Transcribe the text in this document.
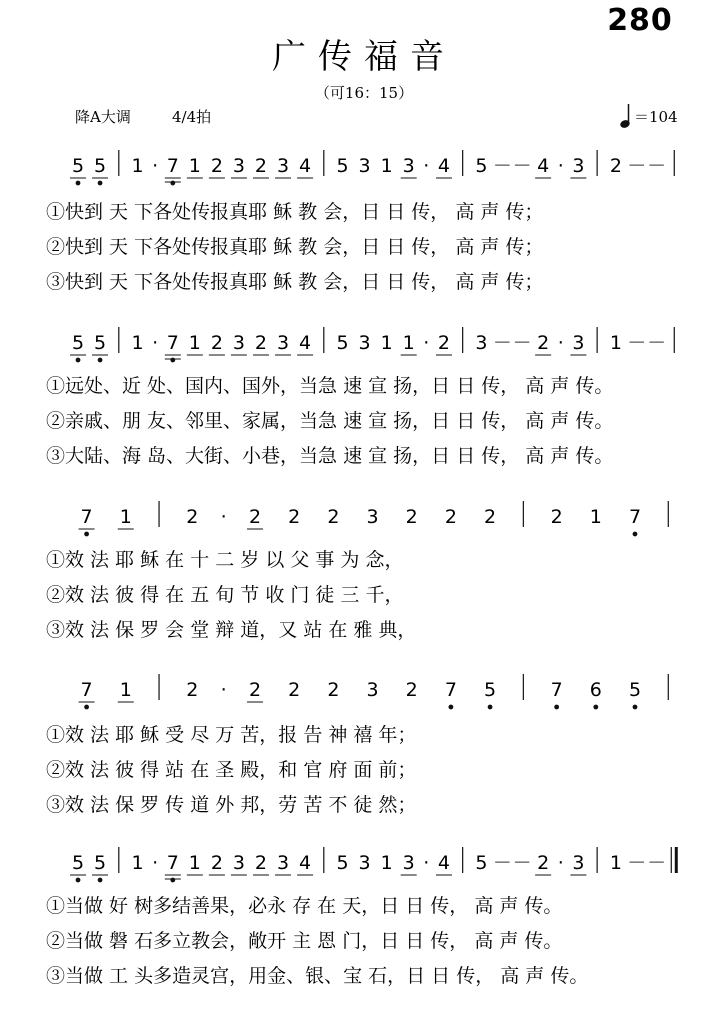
280
广传福音
（可16：15）
降A大调	4/4拍	＝104
5 5 1 · 7 1 2 3 2 3 4 5 3 1 3 · 4 5 － － 4 · 3 2 － －
①快到 天 下各处传报真耶 稣 教 会，日 日 传， 高 声 传；
②快到 天 下各处传报真耶 稣 教 会，日 日 传， 高 声 传；
③快到 天 下各处传报真耶 稣 教 会，日 日 传， 高 声 传；
5 5 1 · 7 1 2 3 2 3 4 5 3 1 1 · 2 3 － － 2 · 3 1 － －
①远处、近 处、国内、国外，当急 速 宣 扬，日 日 传， 高 声 传。
②亲戚、朋 友、邻里、家属，当急 速 宣 扬，日 日 传， 高 声 传。
③大陆、海 岛、大街、小巷，当急 速 宣 扬，日 日 传， 高 声 传。
7 1	2 · 2 2 2 3 2 2 2	2 1 7
①效 法 耶 稣 在 十 二 岁 以 父 事 为 念，
②效 法 彼 得 在 五 旬 节 收 门 徒 三 千，
③效 法 保 罗 会 堂 辩 道，又 站 在 雅 典，
7 1	2 · 2 2 2 3 2 7 5	7 6 5
①效 法 耶 稣 受 尽 万 苦，报 告 神 禧 年；
②效 法 彼 得 站 在 圣 殿，和 官 府 面 前；
③效 法 保 罗 传 道 外 邦，劳 苦 不 徒 然；
5 5 1 · 7 1 2 3 2 3 4 5 3 1 3 · 4 5 － － 2 · 3 1 － －
①当做 好 树多结善果，必永 存 在 天，日 日 传， 高 声 传。
②当做 磐 石多立教会，敞开 主 恩 门，日 日 传， 高 声 传。
③当做 工 头多造灵宫，用金、银、宝 石，日 日 传， 高 声 传。
